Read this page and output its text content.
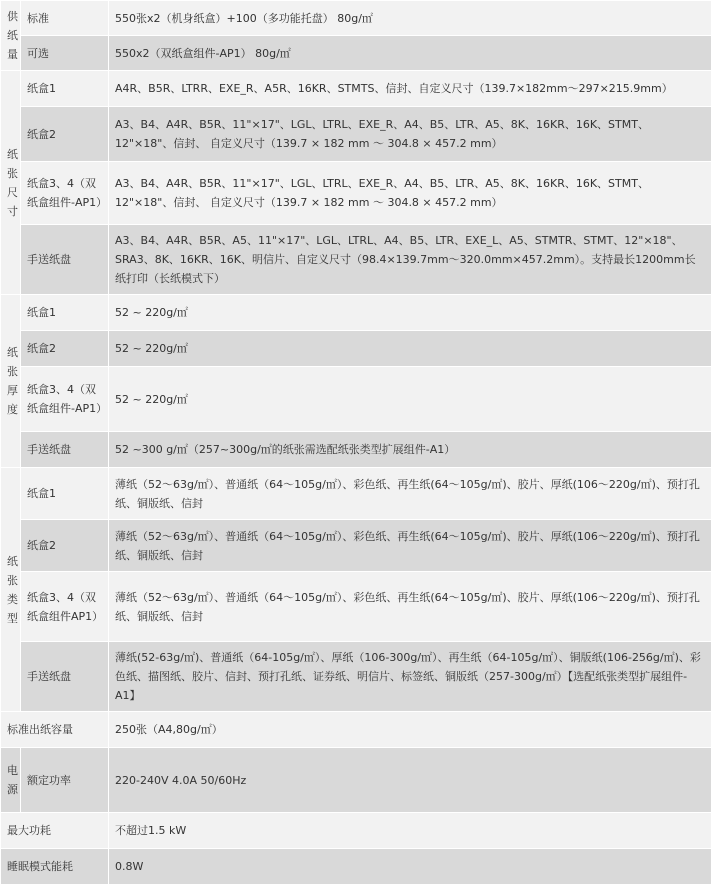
供
纸
量	标准	550张x2（机身纸盒）+100（多功能托盘） 80g/㎡
	可选	550x2（双纸盒组件-AP1） 80g/㎡
纸
张
尺
寸	纸盒1	A4R、B5R、LTRR、EXE_R、A5R、16KR、STMTS、信封、自定义尺寸（139.7×182mm～297×215.9mm）
	纸盒2	A3、B4、A4R、B5R、11"×17"、LGL、LTRL、EXE_R、A4、B5、LTR、A5、8K、16KR、16K、STMT、12"×18"、信封、 自定义尺寸（139.7 × 182 mm ～ 304.8 × 457.2 mm）
	纸盒3、4（双纸盒组件-AP1）	A3、B4、A4R、B5R、11"×17"、LGL、LTRL、EXE_R、A4、B5、LTR、A5、8K、16KR、16K、STMT、12"×18"、信封、 自定义尺寸（139.7 × 182 mm ～ 304.8 × 457.2 mm）
	手送纸盘	A3、B4、A4R、B5R、A5、11"×17"、LGL、LTRL、A4、B5、LTR、EXE_L、A5、STMTR、STMT、12"×18"、SRA3、8K、16KR、16K、明信片、自定义尺寸（98.4×139.7mm～320.0mm×457.2mm）。支持最长1200mm长纸打印（长纸模式下）
纸
张
厚
度	纸盒1	52 ~ 220g/㎡
	纸盒2	52 ~ 220g/㎡
	纸盒3、4（双纸盒组件-AP1）	52 ~ 220g/㎡
	手送纸盘	52 ~300 g/㎡（257~300g/㎡的纸张需选配纸张类型扩展组件-A1）
纸
张
类
型	纸盒1	薄纸（52～63g/㎡）、普通纸（64～105g/㎡）、彩色纸、再生纸(64～105g/㎡)、胶片、厚纸(106～220g/㎡)、预打孔纸、铜版纸、信封
	纸盒2	薄纸（52～63g/㎡）、普通纸（64～105g/㎡）、彩色纸、再生纸(64～105g/㎡)、胶片、厚纸(106～220g/㎡)、预打孔纸、铜版纸、信封
	纸盒3、4（双纸盒组件AP1）	薄纸（52～63g/㎡）、普通纸（64～105g/㎡）、彩色纸、再生纸(64～105g/㎡)、胶片、厚纸(106～220g/㎡)、预打孔纸、铜版纸、信封
	手送纸盘	薄纸(52-63g/㎡)、普通纸（64-105g/㎡）、厚纸（106-300g/㎡）、再生纸（64-105g/㎡）、铜版纸(106-256g/㎡)、彩色纸、描图纸、胶片、信封、预打孔纸、证券纸、明信片、标签纸、铜版纸（257-300g/㎡）【选配纸张类型扩展组件-A1】
标准出纸容量		250张（A4,80g/㎡）
电
源	额定功率	220-240V 4.0A 50/60Hz
最大功耗		不超过1.5 kW
睡眠模式能耗		0.8W
